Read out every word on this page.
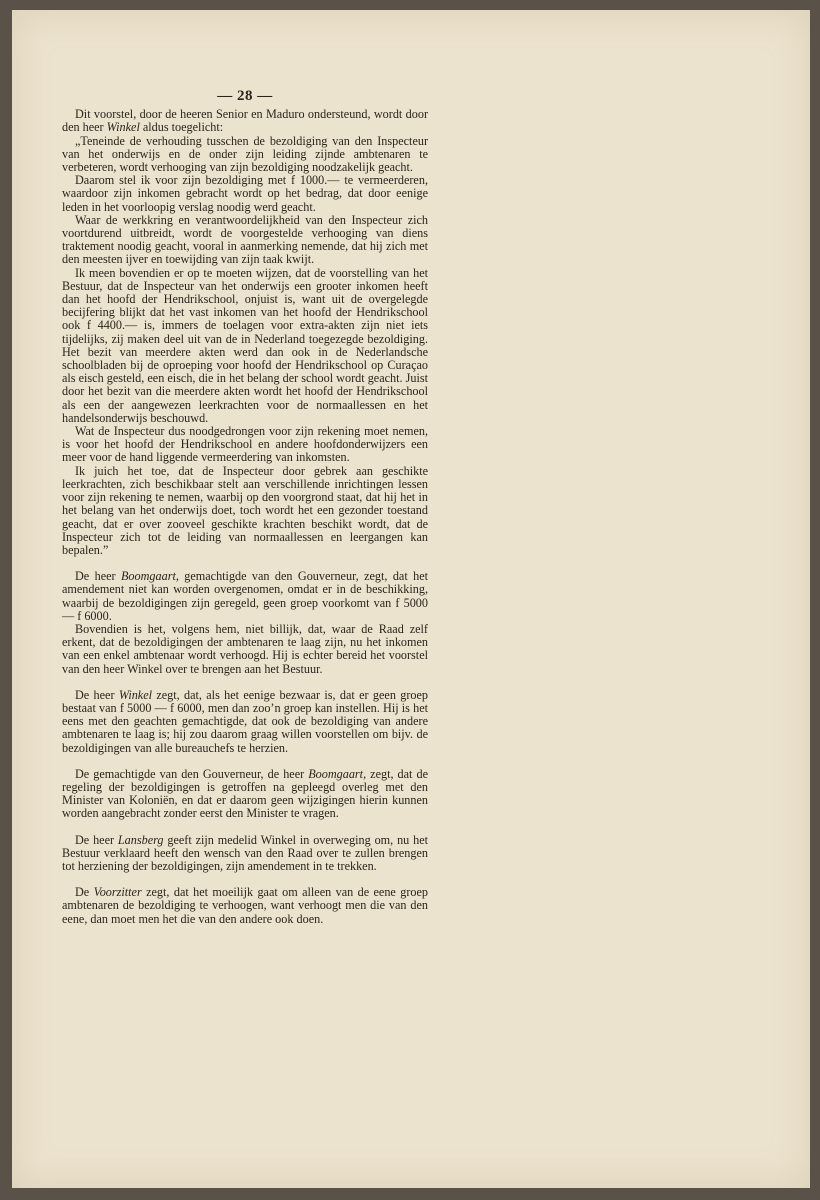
— 28 —

Dit voorstel, door de heeren Senior en Maduro ondersteund, wordt door den heer Winkel aldus toegelicht:

„Teneinde de verhouding tusschen de bezoldiging van den Inspecteur van het onderwijs en de onder zijn leiding zijnde ambtenaren te verbeteren, wordt verhooging van zijn bezoldiging noodzakelijk geacht.

Daarom stel ik voor zijn bezoldiging met f 1000.— te vermeerderen, waardoor zijn inkomen gebracht wordt op het bedrag, dat door eenige leden in het voorloopig verslag noodig werd geacht.

Waar de werkkring en verantwoordelijkheid van den Inspecteur zich voortdurend uitbreidt, wordt de voorgestelde verhooging van diens traktement noodig geacht, vooral in aanmerking nemende, dat hij zich met den meesten ijver en toewijding van zijn taak kwijt.

Ik meen bovendien er op te moeten wijzen, dat de voorstelling van het Bestuur, dat de Inspecteur van het onderwijs een grooter inkomen heeft dan het hoofd der Hendrikschool, onjuist is, want uit de overgelegde becijfering blijkt dat het vast inkomen van het hoofd der Hendrikschool ook f 4400.— is, immers de toelagen voor extra-akten zijn niet iets tijdelijks, zij maken deel uit van de in Nederland toegezegde bezoldiging. Het bezit van meerdere akten werd dan ook in de Nederlandsche schoolbladen bij de oproeping voor hoofd der Hendrikschool op Curaçao als eisch gesteld, een eisch, die in het belang der school wordt geacht. Juist door het bezit van die meerdere akten wordt het hoofd der Hendrikschool als een der aangewezen leerkrachten voor de normaallessen en het handelsonderwijs beschouwd.

Wat de Inspecteur dus noodgedrongen voor zijn rekening moet nemen, is voor het hoofd der Hendrikschool en andere hoofdonderwijzers een meer voor de hand liggende vermeerdering van inkomsten.

Ik juich het toe, dat de Inspecteur door gebrek aan geschikte leerkrachten, zich beschikbaar stelt aan verschillende inrichtingen lessen voor zijn rekening te nemen, waarbij op den voorgrond staat, dat hij het in het belang van het onderwijs doet, toch wordt het een gezonder toestand geacht, dat er over zooveel geschikte krachten beschikt wordt, dat de Inspecteur zich tot de leiding van normaallessen en leergangen kan bepalen.”

De heer Boomgaart, gemachtigde van den Gouverneur, zegt, dat het amendement niet kan worden overgenomen, omdat er in de beschikking, waarbij de bezoldigingen zijn geregeld, geen groep voorkomt van f 5000 — f 6000.

Bovendien is het, volgens hem, niet billijk, dat, waar de Raad zelf erkent, dat de bezoldigingen der ambtenaren te laag zijn, nu het inkomen van een enkel ambtenaar wordt verhoogd. Hij is echter bereid het voorstel van den heer Winkel over te brengen aan het Bestuur.

De heer Winkel zegt, dat, als het eenige bezwaar is, dat er geen groep bestaat van f 5000 — f 6000, men dan zoo’n groep kan instellen. Hij is het eens met den geachten gemachtigde, dat ook de bezoldiging van andere ambtenaren te laag is; hij zou daarom graag willen voorstellen om bijv. de bezoldigingen van alle bureauchefs te herzien.

De gemachtigde van den Gouverneur, de heer Boomgaart, zegt, dat de regeling der bezoldigingen is getroffen na gepleegd overleg met den Minister van Koloniën, en dat er daarom geen wijzigingen hierin kunnen worden aangebracht zonder eerst den Minister te vragen.

De heer Lansberg geeft zijn medelid Winkel in overweging om, nu het Bestuur verklaard heeft den wensch van den Raad over te zullen brengen tot herziening der bezoldigingen, zijn amendement in te trekken.

De Voorzitter zegt, dat het moeilijk gaat om alleen van de eene groep ambtenaren de bezoldiging te verhoogen, want verhoogt men die van den eene, dan moet men het die van den andere ook doen.
